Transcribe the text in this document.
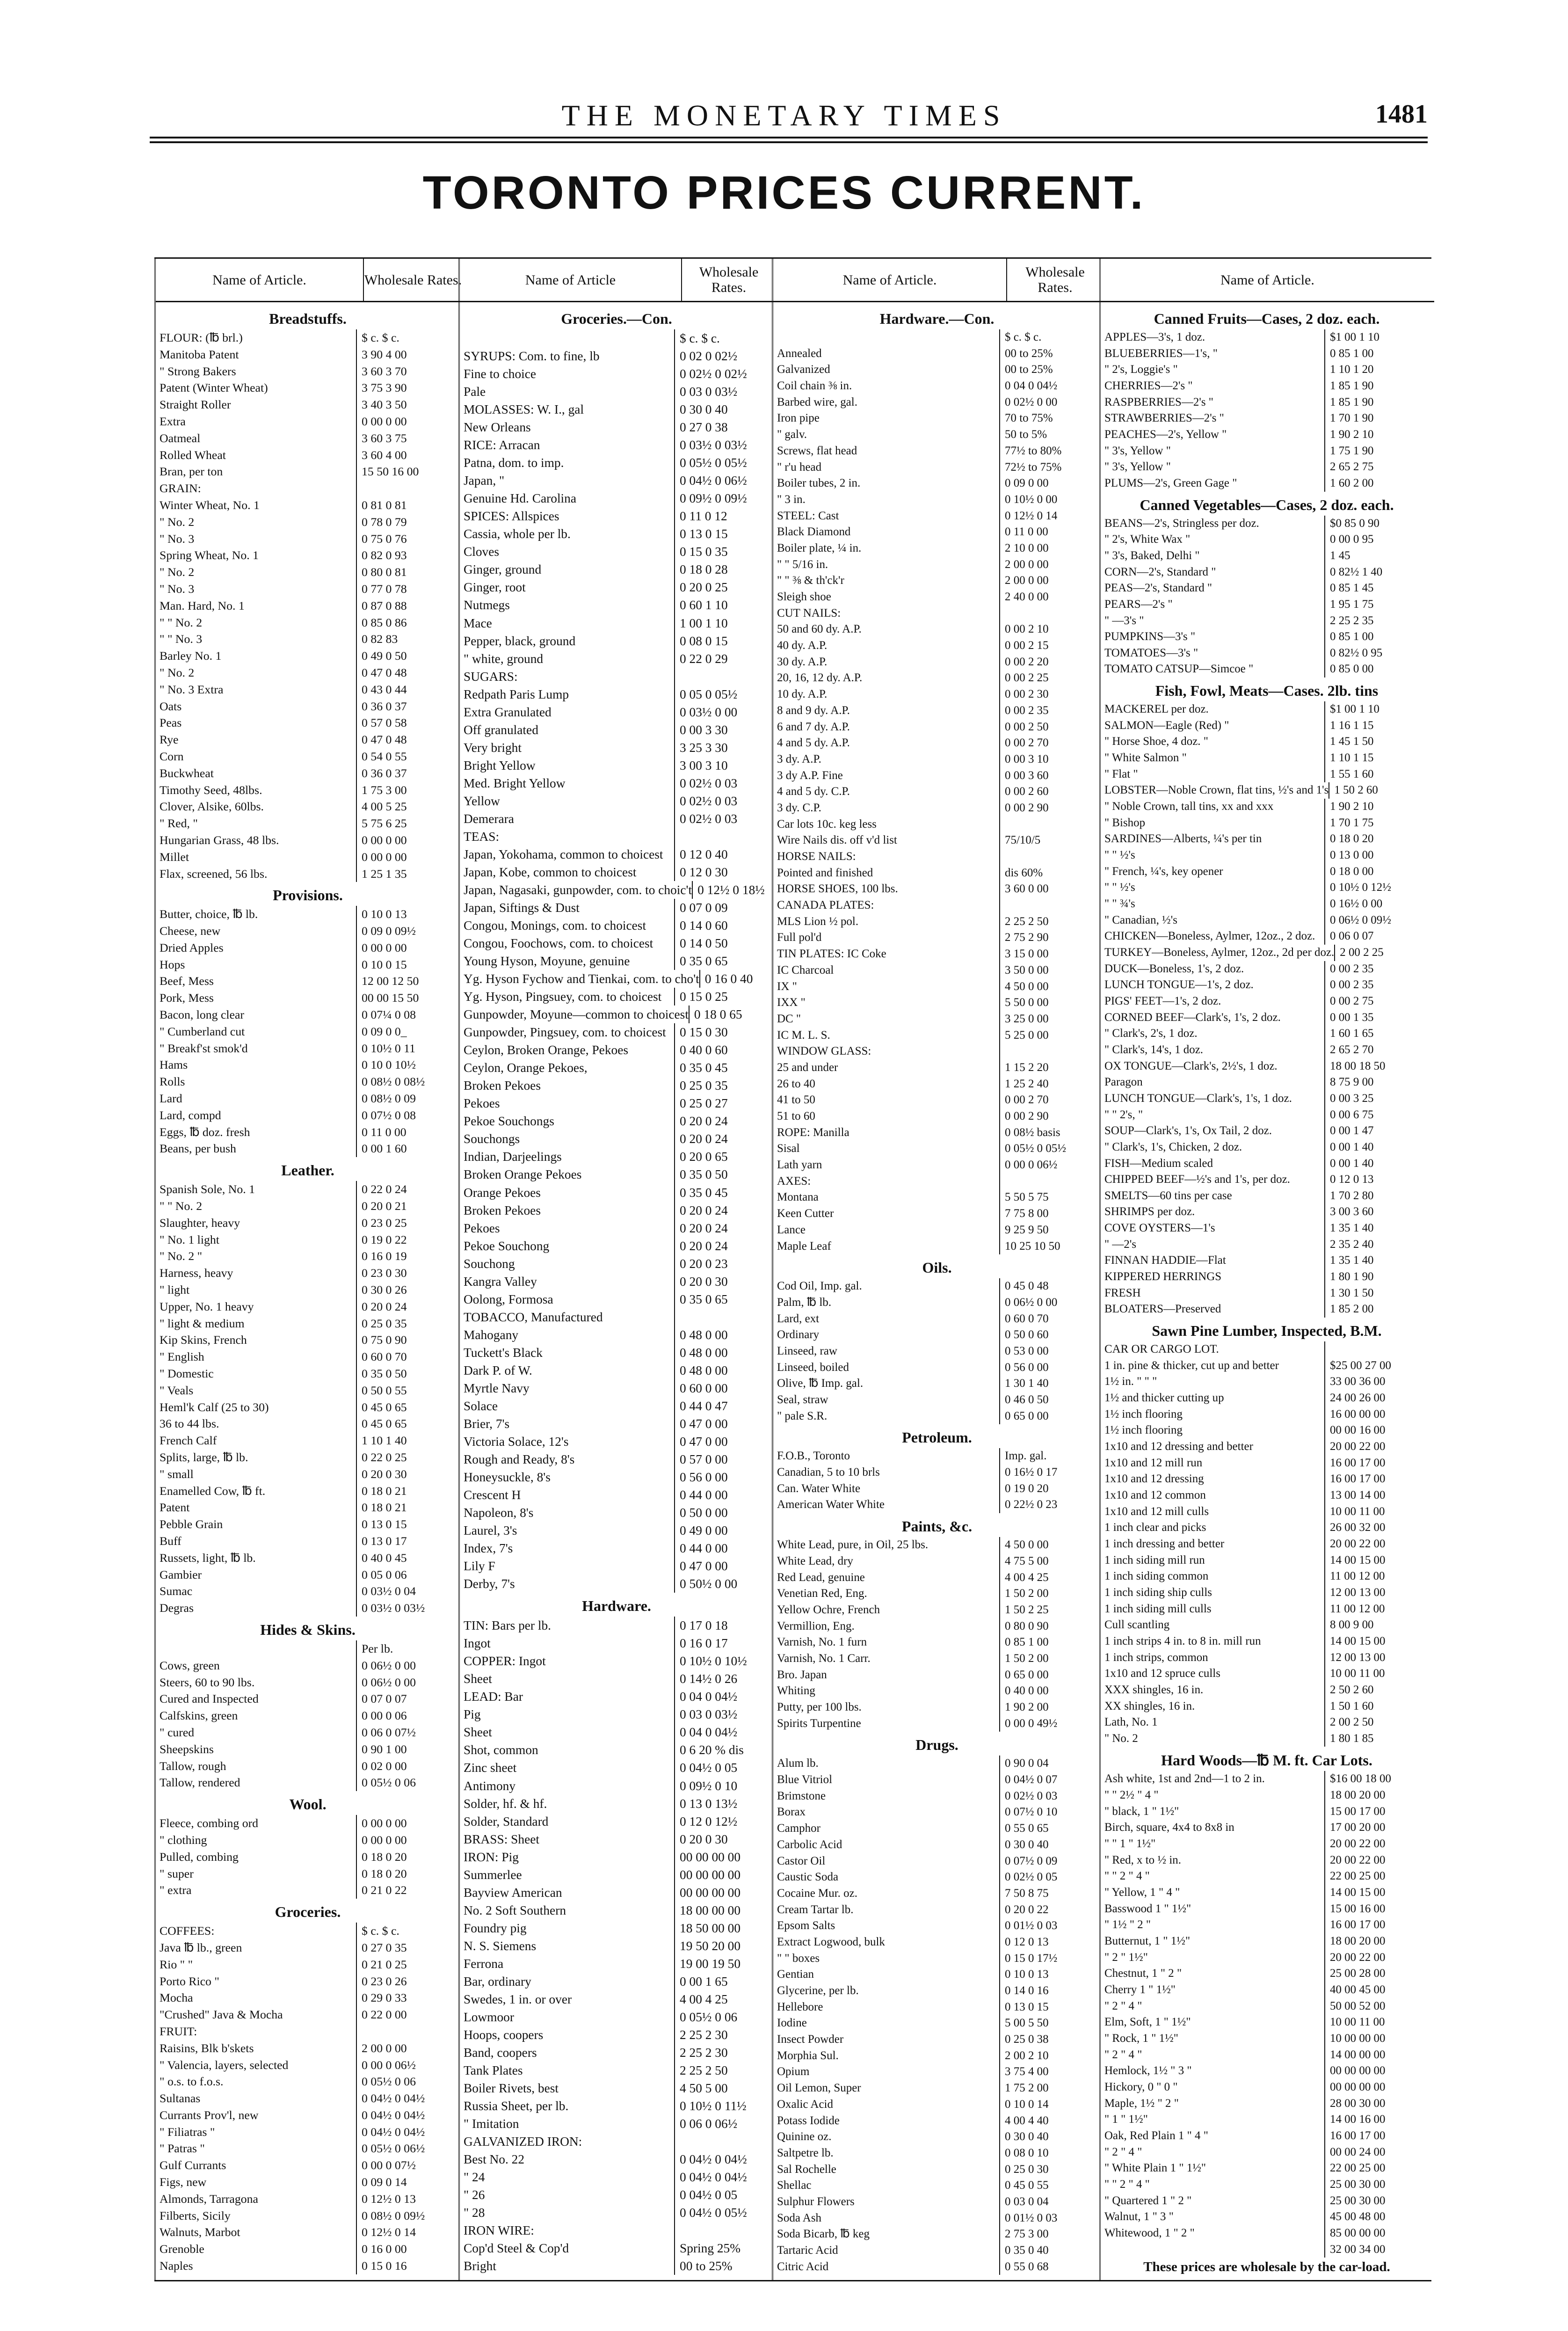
THE MONETARY TIMES	1481
TORONTO PRICES CURRENT.
Name of Article.	Wholesale Rates.
Breadstuffs.
FLOUR: (℔ brl.)	$ c. $ c.
Manitoba Patent	3 90 4 00
" Strong Bakers	3 60 3 70
Patent (Winter Wheat)	3 75 3 90
Straight Roller	3 40 3 50
Extra	0 00 0 00
Oatmeal	3 60 3 75
Rolled Wheat	3 60 4 00
Bran, per ton	15 50 16 00
GRAIN:
Winter Wheat, No. 1	0 81 0 81
" No. 2	0 78 0 79
" No. 3	0 75 0 76
Spring Wheat, No. 1	0 82 0 93
" No. 2	0 80 0 81
" No. 3	0 77 0 78
Man. Hard, No. 1	0 87 0 88
" " No. 2	0 85 0 86
" " No. 3	0 82 83
Barley No. 1	0 49 0 50
" No. 2	0 47 0 48
" No. 3 Extra	0 43 0 44
Oats	0 36 0 37
Peas	0 57 0 58
Rye	0 47 0 48
Corn	0 54 0 55
Buckwheat	0 36 0 37
Timothy Seed, 48lbs.	1 75 3 00
Clover, Alsike, 60lbs.	4 00 5 25
" Red, "	5 75 6 25
Hungarian Grass, 48 lbs.	0 00 0 00
Millet	0 00 0 00
Flax, screened, 56 lbs.	1 25 1 35
Provisions.
Butter, choice, ℔ lb.	0 10 0 13
Cheese, new	0 09 0 09½
Dried Apples	0 00 0 00
Hops	0 10 0 15
Beef, Mess	12 00 12 50
Pork, Mess	00 00 15 50
Bacon, long clear	0 07¼ 0 08
" Cumberland cut	0 09 0 0_
" Breakf'st smok'd	0 10½ 0 11
Hams	0 10 0 10½
Rolls	0 08½ 0 08½
Lard	0 08½ 0 09
Lard, compd	0 07½ 0 08
Eggs, ℔ doz. fresh	0 11 0 00
Beans, per bush	0 00 1 60
Leather.
Spanish Sole, No. 1	0 22 0 24
" " No. 2	0 20 0 21
Slaughter, heavy	0 23 0 25
" No. 1 light	0 19 0 22
" No. 2 "	0 16 0 19
Harness, heavy	0 23 0 30
" light	0 30 0 26
Upper, No. 1 heavy	0 20 0 24
" light & medium	0 25 0 35
Kip Skins, French	0 75 0 90
" English	0 60 0 70
" Domestic	0 35 0 50
" Veals	0 50 0 55
Heml'k Calf (25 to 30)	0 45 0 65
36 to 44 lbs.	0 45 0 65
French Calf	1 10 1 40
Splits, large, ℔ lb.	0 22 0 25
" small	0 20 0 30
Enamelled Cow, ℔ ft.	0 18 0 21
Patent	0 18 0 21
Pebble Grain	0 13 0 15
Buff	0 13 0 17
Russets, light, ℔ lb.	0 40 0 45
Gambier	0 05 0 06
Sumac	0 03½ 0 04
Degras	0 03½ 0 03½
Hides & Skins.
Per lb.
Cows, green	0 06½ 0 00
Steers, 60 to 90 lbs.	0 06½ 0 00
Cured and Inspected	0 07 0 07
Calfskins, green	0 00 0 06
" cured	0 06 0 07½
Sheepskins	0 90 1 00
Tallow, rough	0 02 0 00
Tallow, rendered	0 05½ 0 06
Wool.
Fleece, combing ord	0 00 0 00
" clothing	0 00 0 00
Pulled, combing	0 18 0 20
" super	0 18 0 20
" extra	0 21 0 22
Groceries.
COFFEES:	$ c. $ c.
Java ℔ lb., green	0 27 0 35
Rio " "	0 21 0 25
Porto Rico "	0 23 0 26
Mocha	0 29 0 33
"Crushed" Java & Mocha	0 22 0 00
FRUIT:
Raisins, Blk b'skets	2 00 0 00
" Valencia, layers, selected	0 00 0 06½
" o.s. to f.o.s.	0 05½ 0 06
Sultanas	0 04½ 0 04½
Currants Prov'l, new	0 04½ 0 04½
" Filiatras "	0 04½ 0 04½
" Patras "	0 05½ 0 06½
Gulf Currants	0 00 0 07½
Figs, new	0 09 0 14
Almonds, Tarragona	0 12½ 0 13
Filberts, Sicily	0 08½ 0 09½
Walnuts, Marbot	0 12½ 0 14
Grenoble	0 16 0 00
Naples	0 15 0 16
Name of Article	Wholesale Rates.
Groceries.—Con.
$ c. $ c.
SYRUPS: Com. to fine, lb	0 02 0 02½
Fine to choice	0 02½ 0 02½
Pale	0 03 0 03½
MOLASSES: W. I., gal	0 30 0 40
New Orleans	0 27 0 38
RICE: Arracan	0 03½ 0 03½
Patna, dom. to imp.	0 05½ 0 05½
Japan, "	0 04½ 0 06½
Genuine Hd. Carolina	0 09½ 0 09½
SPICES: Allspices	0 11 0 12
Cassia, whole per lb.	0 13 0 15
Cloves	0 15 0 35
Ginger, ground	0 18 0 28
Ginger, root	0 20 0 25
Nutmegs	0 60 1 10
Mace	1 00 1 10
Pepper, black, ground	0 08 0 15
" white, ground	0 22 0 29
SUGARS:
Redpath Paris Lump	0 05 0 05½
Extra Granulated	0 03½ 0 00
Off granulated	0 00 3 30
Very bright	3 25 3 30
Bright Yellow	3 00 3 10
Med. Bright Yellow	0 02½ 0 03
Yellow	0 02½ 0 03
Demerara	0 02½ 0 03
TEAS:
Japan, Yokohama, common to choicest	0 12 0 40
Japan, Kobe, common to choicest	0 12 0 30
Japan, Nagasaki, gunpowder, com. to choic't 0 12½ 0 18½
Japan, Siftings & Dust	0 07 0 09
Congou, Monings, com. to choicest	0 14 0 60
Congou, Foochows, com. to choicest	0 14 0 50
Young Hyson, Moyune, genuine	0 35 0 65
Yg. Hyson Fychow and Tienkai, com. to cho't 0 16 0 40
Yg. Hyson, Pingsuey, com. to choicest	0 15 0 25
Gunpowder, Moyune—common to choicest 0 18 0 65
Gunpowder, Pingsuey, com. to choicest	0 15 0 30
Ceylon, Broken Orange, Pekoes	0 40 0 60
Ceylon, Orange Pekoes,	0 35 0 45
Broken Pekoes	0 25 0 35
Pekoes	0 25 0 27
Pekoe Souchongs	0 20 0 24
Souchongs	0 20 0 24
Indian, Darjeelings	0 20 0 65
Broken Orange Pekoes	0 35 0 50
Orange Pekoes	0 35 0 45
Broken Pekoes	0 20 0 24
Pekoes	0 20 0 24
Pekoe Souchong	0 20 0 24
Souchong	0 20 0 23
Kangra Valley	0 20 0 30
Oolong, Formosa	0 35 0 65
TOBACCO, Manufactured
Mahogany	0 48 0 00
Tuckett's Black	0 48 0 00
Dark P. of W.	0 48 0 00
Myrtle Navy	0 60 0 00
Solace	0 44 0 47
Brier, 7's	0 47 0 00
Victoria Solace, 12's	0 47 0 00
Rough and Ready, 8's	0 57 0 00
Honeysuckle, 8's	0 56 0 00
Crescent H	0 44 0 00
Napoleon, 8's	0 50 0 00
Laurel, 3's	0 49 0 00
Index, 7's	0 44 0 00
Lily F	0 47 0 00
Derby, 7's	0 50½ 0 00
Hardware.
TIN: Bars per lb.	0 17 0 18
Ingot	0 16 0 17
COPPER: Ingot	0 10½ 0 10½
Sheet	0 14½ 0 26
LEAD: Bar	0 04 0 04½
Pig	0 03 0 03½
Sheet	0 04 0 04½
Shot, common	0 6 20 % dis
Zinc sheet	0 04½ 0 05
Antimony	0 09½ 0 10
Solder, hf. & hf.	0 13 0 13½
Solder, Standard	0 12 0 12½
BRASS: Sheet	0 20 0 30
IRON: Pig	00 00 00 00
Summerlee	00 00 00 00
Bayview American	00 00 00 00
No. 2 Soft Southern	18 00 00 00
Foundry pig	18 50 00 00
N. S. Siemens	19 50 20 00
Ferrona	19 00 19 50
Bar, ordinary	0 00 1 65
Swedes, 1 in. or over	4 00 4 25
Lowmoor	0 05½ 0 06
Hoops, coopers	2 25 2 30
Band, coopers	2 25 2 30
Tank Plates	2 25 2 50
Boiler Rivets, best	4 50 5 00
Russia Sheet, per lb.	0 10½ 0 11½
" Imitation	0 06 0 06½
GALVANIZED IRON:
Best No. 22	0 04½ 0 04½
" 24	0 04½ 0 04½
" 26	0 04½ 0 05
" 28	0 04½ 0 05½
IRON WIRE:
Cop'd Steel & Cop'd	Spring 25%
Bright	00 to 25%
Name of Article.	Wholesale Rates.
Hardware.—Con.
$ c. $ c.
Annealed	00 to 25%
Galvanized	00 to 25%
Coil chain ⅜ in.	0 04 0 04½
Barbed wire, gal.	0 02½ 0 00
Iron pipe	70 to 75%
" galv.	50 to 5%
Screws, flat head	77½ to 80%
" r'u head	72½ to 75%
Boiler tubes, 2 in.	0 09 0 00
" 3 in.	0 10½ 0 00
STEEL: Cast	0 12½ 0 14
Black Diamond	0 11 0 00
Boiler plate, ¼ in.	2 10 0 00
" " 5/16 in.	2 00 0 00
" " ⅜ & th'ck'r	2 00 0 00
Sleigh shoe	2 40 0 00
CUT NAILS:
50 and 60 dy. A.P.	0 00 2 10
40 dy. A.P.	0 00 2 15
30 dy. A.P.	0 00 2 20
20, 16, 12 dy. A.P.	0 00 2 25
10 dy. A.P.	0 00 2 30
8 and 9 dy. A.P.	0 00 2 35
6 and 7 dy. A.P.	0 00 2 50
4 and 5 dy. A.P.	0 00 2 70
3 dy. A.P.	0 00 3 10
3 dy A.P. Fine	0 00 3 60
4 and 5 dy. C.P.	0 00 2 60
3 dy. C.P.	0 00 2 90
Car lots 10c. keg less
Wire Nails dis. off v'd list	75/10/5
HORSE NAILS:
Pointed and finished	dis 60%
HORSE SHOES, 100 lbs.	3 60 0 00
CANADA PLATES:
MLS Lion ½ pol.	2 25 2 50
Full pol'd	2 75 2 90
TIN PLATES: IC Coke	3 15 0 00
IC Charcoal	3 50 0 00
IX "	4 50 0 00
IXX "	5 50 0 00
DC "	3 25 0 00
IC M. L. S.	5 25 0 00
WINDOW GLASS:
25 and under	1 15 2 20
26 to 40	1 25 2 40
41 to 50	0 00 2 70
51 to 60	0 00 2 90
ROPE: Manilla	0 08½ basis
Sisal	0 05½ 0 05½
Lath yarn	0 00 0 06½
AXES:
Montana	5 50 5 75
Keen Cutter	7 75 8 00
Lance	9 25 9 50
Maple Leaf	10 25 10 50
Oils.
Cod Oil, Imp. gal.	0 45 0 48
Palm, ℔ lb.	0 06½ 0 00
Lard, ext	0 60 0 70
Ordinary	0 50 0 60
Linseed, raw	0 53 0 00
Linseed, boiled	0 56 0 00
Olive, ℔ Imp. gal.	1 30 1 40
Seal, straw	0 46 0 50
" pale S.R.	0 65 0 00
Petroleum.
F.O.B., Toronto	Imp. gal.
Canadian, 5 to 10 brls	0 16½ 0 17
Can. Water White	0 19 0 20
American Water White	0 22½ 0 23
Paints, &c.
White Lead, pure, in Oil, 25 lbs.	4 50 0 00
White Lead, dry	4 75 5 00
Red Lead, genuine	4 00 4 25
Venetian Red, Eng.	1 50 2 00
Yellow Ochre, French	1 50 2 25
Vermillion, Eng.	0 80 0 90
Varnish, No. 1 furn	0 85 1 00
Varnish, No. 1 Carr.	1 50 2 00
Bro. Japan	0 65 0 00
Whiting	0 40 0 00
Putty, per 100 lbs.	1 90 2 00
Spirits Turpentine	0 00 0 49½
Drugs.
Alum lb.	0 90 0 04
Blue Vitriol	0 04½ 0 07
Brimstone	0 02½ 0 03
Borax	0 07½ 0 10
Camphor	0 55 0 65
Carbolic Acid	0 30 0 40
Castor Oil	0 07½ 0 09
Caustic Soda	0 02½ 0 05
Cocaine Mur. oz.	7 50 8 75
Cream Tartar lb.	0 20 0 22
Epsom Salts	0 01½ 0 03
Extract Logwood, bulk	0 12 0 13
" " boxes	0 15 0 17½
Gentian	0 10 0 13
Glycerine, per lb.	0 14 0 16
Hellebore	0 13 0 15
Iodine	5 00 5 50
Insect Powder	0 25 0 38
Morphia Sul.	2 00 2 10
Opium	3 75 4 00
Oil Lemon, Super	1 75 2 00
Oxalic Acid	0 10 0 14
Potass Iodide	4 00 4 40
Quinine oz.	0 30 0 40
Saltpetre lb.	0 08 0 10
Sal Rochelle	0 25 0 30
Shellac	0 45 0 55
Sulphur Flowers	0 03 0 04
Soda Ash	0 01½ 0 03
Soda Bicarb, ℔ keg	2 75 3 00
Tartaric Acid	0 35 0 40
Citric Acid	0 55 0 68
Name of Article.
Canned Fruits—Cases, 2 doz. each.
APPLES—3's, 1 doz.	$1 00 1 10
BLUEBERRIES—1's, "	0 85 1 00
" 2's, Loggie's "	1 10 1 20
CHERRIES—2's "	1 85 1 90
RASPBERRIES—2's "	1 85 1 90
STRAWBERRIES—2's "	1 70 1 90
PEACHES—2's, Yellow "	1 90 2 10
" 3's, Yellow "	1 75 1 90
" 3's, Yellow "	2 65 2 75
PLUMS—2's, Green Gage "	1 60 2 00
Canned Vegetables—Cases, 2 doz. each.
BEANS—2's, Stringless per doz.	$0 85 0 90
" 2's, White Wax "	0 00 0 95
" 3's, Baked, Delhi "	1 45
CORN—2's, Standard "	0 82½ 1 40
PEAS—2's, Standard "	0 85 1 45
PEARS—2's "	1 95 1 75
" —3's "	2 25 2 35
PUMPKINS—3's "	0 85 1 00
TOMATOES—3's "	0 82½ 0 95
TOMATO CATSUP—Simcoe "	0 85 0 00
Fish, Fowl, Meats—Cases. 2lb. tins
MACKEREL per doz.	$1 00 1 10
SALMON—Eagle (Red) "	1 16 1 15
" Horse Shoe, 4 doz. "	1 45 1 50
" White Salmon "	1 10 1 15
" Flat "	1 55 1 60
LOBSTER—Noble Crown, flat tins, ½'s and 1's 1 50 2 60
" Noble Crown, tall tins, xx and xxx	1 90 2 10
" Bishop	1 70 1 75
SARDINES—Alberts, ¼'s per tin	0 18 0 20
" " ½'s	0 13 0 00
" French, ¼'s, key opener	0 18 0 00
" " ½'s	0 10½ 0 12½
" " ¾'s	0 16½ 0 00
" Canadian, ½'s	0 06½ 0 09½
CHICKEN—Boneless, Aylmer, 12oz., 2 doz.	0 06 0 07
TURKEY—Boneless, Aylmer, 12oz., 2d per doz. 2 00 2 25
DUCK—Boneless, 1's, 2 doz.	0 00 2 35
LUNCH TONGUE—1's, 2 doz.	0 00 2 35
PIGS' FEET—1's, 2 doz.	0 00 2 75
CORNED BEEF—Clark's, 1's, 2 doz.	0 00 1 35
" Clark's, 2's, 1 doz.	1 60 1 65
" Clark's, 14's, 1 doz.	2 65 2 70
OX TONGUE—Clark's, 2½'s, 1 doz.	18 00 18 50
Paragon	8 75 9 00
LUNCH TONGUE—Clark's, 1's, 1 doz.	0 00 3 25
" " 2's, "	0 00 6 75
SOUP—Clark's, 1's, Ox Tail, 2 doz.	0 00 1 47
" Clark's, 1's, Chicken, 2 doz.	0 00 1 40
FISH—Medium scaled	0 00 1 40
CHIPPED BEEF—½'s and 1's, per doz.	0 12 0 13
SMELTS—60 tins per case	1 70 2 80
SHRIMPS per doz.	3 00 3 60
COVE OYSTERS—1's	1 35 1 40
" —2's	2 35 2 40
FINNAN HADDIE—Flat	1 35 1 40
KIPPERED HERRINGS	1 80 1 90
FRESH	1 30 1 50
BLOATERS—Preserved	1 85 2 00
Sawn Pine Lumber, Inspected, B.M.
CAR OR CARGO LOT.
1 in. pine & thicker, cut up and better	$25 00 27 00
1½ in. " " "	33 00 36 00
1½ and thicker cutting up	24 00 26 00
1½ inch flooring	16 00 00 00
1½ inch flooring	00 00 16 00
1x10 and 12 dressing and better	20 00 22 00
1x10 and 12 mill run	16 00 17 00
1x10 and 12 dressing	16 00 17 00
1x10 and 12 common	13 00 14 00
1x10 and 12 mill culls	10 00 11 00
1 inch clear and picks	26 00 32 00
1 inch dressing and better	20 00 22 00
1 inch siding mill run	14 00 15 00
1 inch siding common	11 00 12 00
1 inch siding ship culls	12 00 13 00
1 inch siding mill culls	11 00 12 00
Cull scantling	8 00 9 00
1 inch strips 4 in. to 8 in. mill run	14 00 15 00
1 inch strips, common	12 00 13 00
1x10 and 12 spruce culls	10 00 11 00
XXX shingles, 16 in.	2 50 2 60
XX shingles, 16 in.	1 50 1 60
Lath, No. 1	2 00 2 50
" No. 2	1 80 1 85
Hard Woods—℔ M. ft. Car Lots.
Ash white, 1st and 2nd—1 to 2 in.	$16 00 18 00
" " 2½ " 4 "	18 00 20 00
" black, 1 " 1½"	15 00 17 00
Birch, square, 4x4 to 8x8 in	17 00 20 00
" " 1 " 1½"	20 00 22 00
" Red, x to ½ in.	20 00 22 00
" " 2 " 4 "	22 00 25 00
" Yellow, 1 " 4 "	14 00 15 00
Basswood 1 " 1½"	15 00 16 00
" 1½ " 2 "	16 00 17 00
Butternut, 1 " 1½"	18 00 20 00
" 2 " 1½"	20 00 22 00
Chestnut, 1 " 2 "	25 00 28 00
Cherry 1 " 1½"	40 00 45 00
" 2 " 4 "	50 00 52 00
Elm, Soft, 1 " 1½"	10 00 11 00
" Rock, 1 " 1½"	10 00 00 00
" 2 " 4 "	14 00 00 00
Hemlock, 1½ " 3 "	00 00 00 00
Hickory, 0 " 0 "	00 00 00 00
Maple, 1½ " 2 "	28 00 30 00
" 1 " 1½"	14 00 16 00
Oak, Red Plain 1 " 4 "	16 00 17 00
" 2 " 4 "	00 00 24 00
" White Plain 1 " 1½"	22 00 25 00
" " 2 " 4 "	25 00 30 00
" Quartered 1 " 2 "	25 00 30 00
Walnut, 1 " 3 "	45 00 48 00
Whitewood, 1 " 2 "	85 00 00 00
32 00 34 00
These prices are wholesale by the car-load.
